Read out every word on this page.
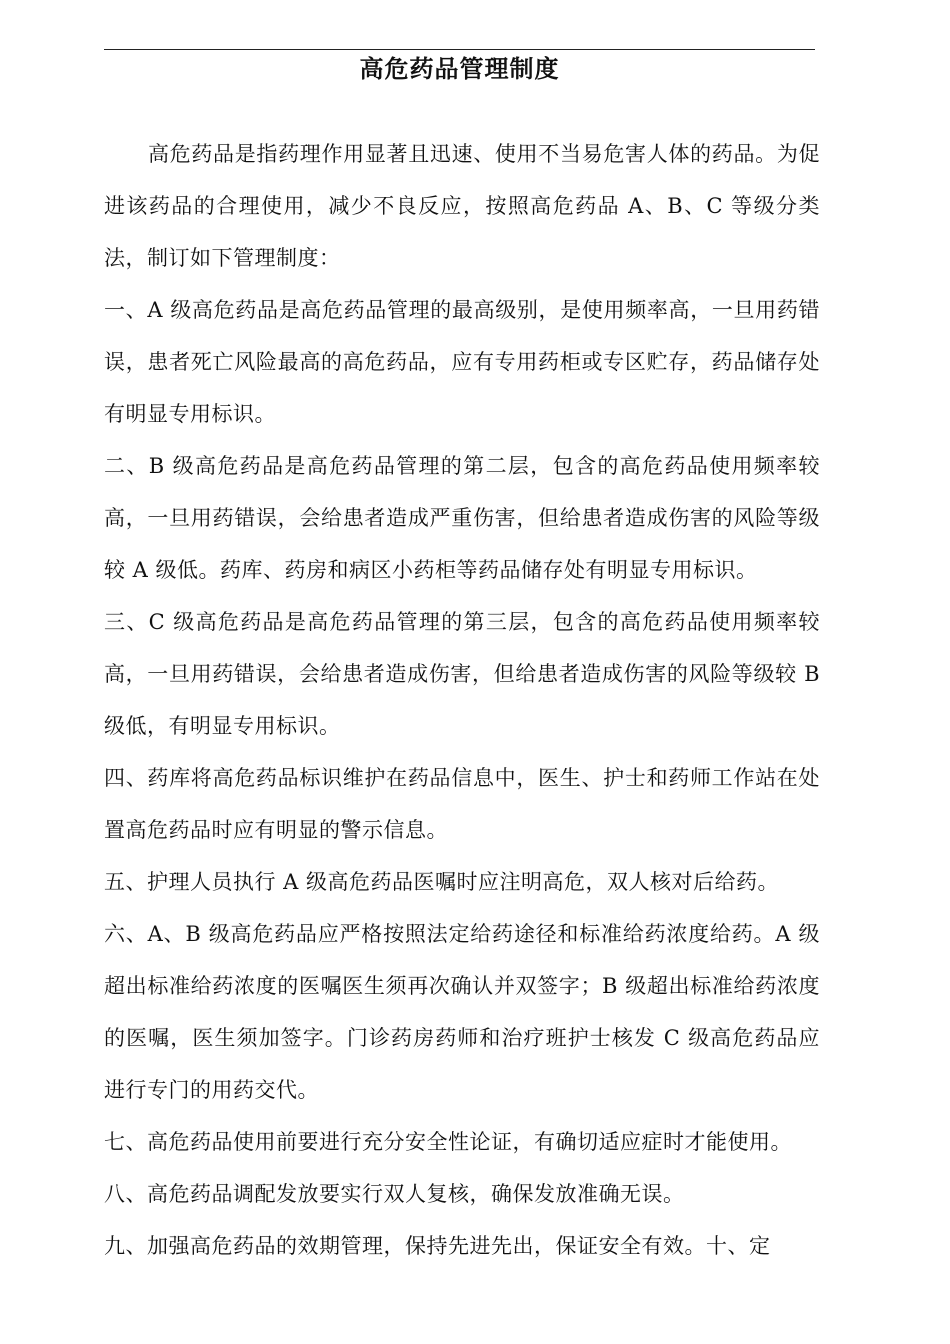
高危药品管理制度

高危药品是指药理作用显著且迅速、使用不当易危害人体的药品。为促进该药品的合理使用，减少不良反应，按照高危药品 A、B、C 等级分类法，制订如下管理制度：

一、A 级高危药品是高危药品管理的最高级别，是使用频率高，一旦用药错误，患者死亡风险最高的高危药品，应有专用药柜或专区贮存，药品储存处有明显专用标识。

二、B 级高危药品是高危药品管理的第二层，包含的高危药品使用频率较高，一旦用药错误，会给患者造成严重伤害，但给患者造成伤害的风险等级较 A 级低。药库、药房和病区小药柜等药品储存处有明显专用标识。

三、C 级高危药品是高危药品管理的第三层，包含的高危药品使用频率较高，一旦用药错误，会给患者造成伤害，但给患者造成伤害的风险等级较 B 级低，有明显专用标识。

四、药库将高危药品标识维护在药品信息中，医生、护士和药师工作站在处置高危药品时应有明显的警示信息。

五、护理人员执行 A 级高危药品医嘱时应注明高危，双人核对后给药。

六、A、B 级高危药品应严格按照法定给药途径和标准给药浓度给药。A 级超出标准给药浓度的医嘱医生须再次确认并双签字；B 级超出标准给药浓度的医嘱，医生须加签字。门诊药房药师和治疗班护士核发 C 级高危药品应进行专门的用药交代。

七、高危药品使用前要进行充分安全性论证，有确切适应症时才能使用。

八、高危药品调配发放要实行双人复核，确保发放准确无误。

九、加强高危药品的效期管理，保持先进先出，保证安全有效。十、定
